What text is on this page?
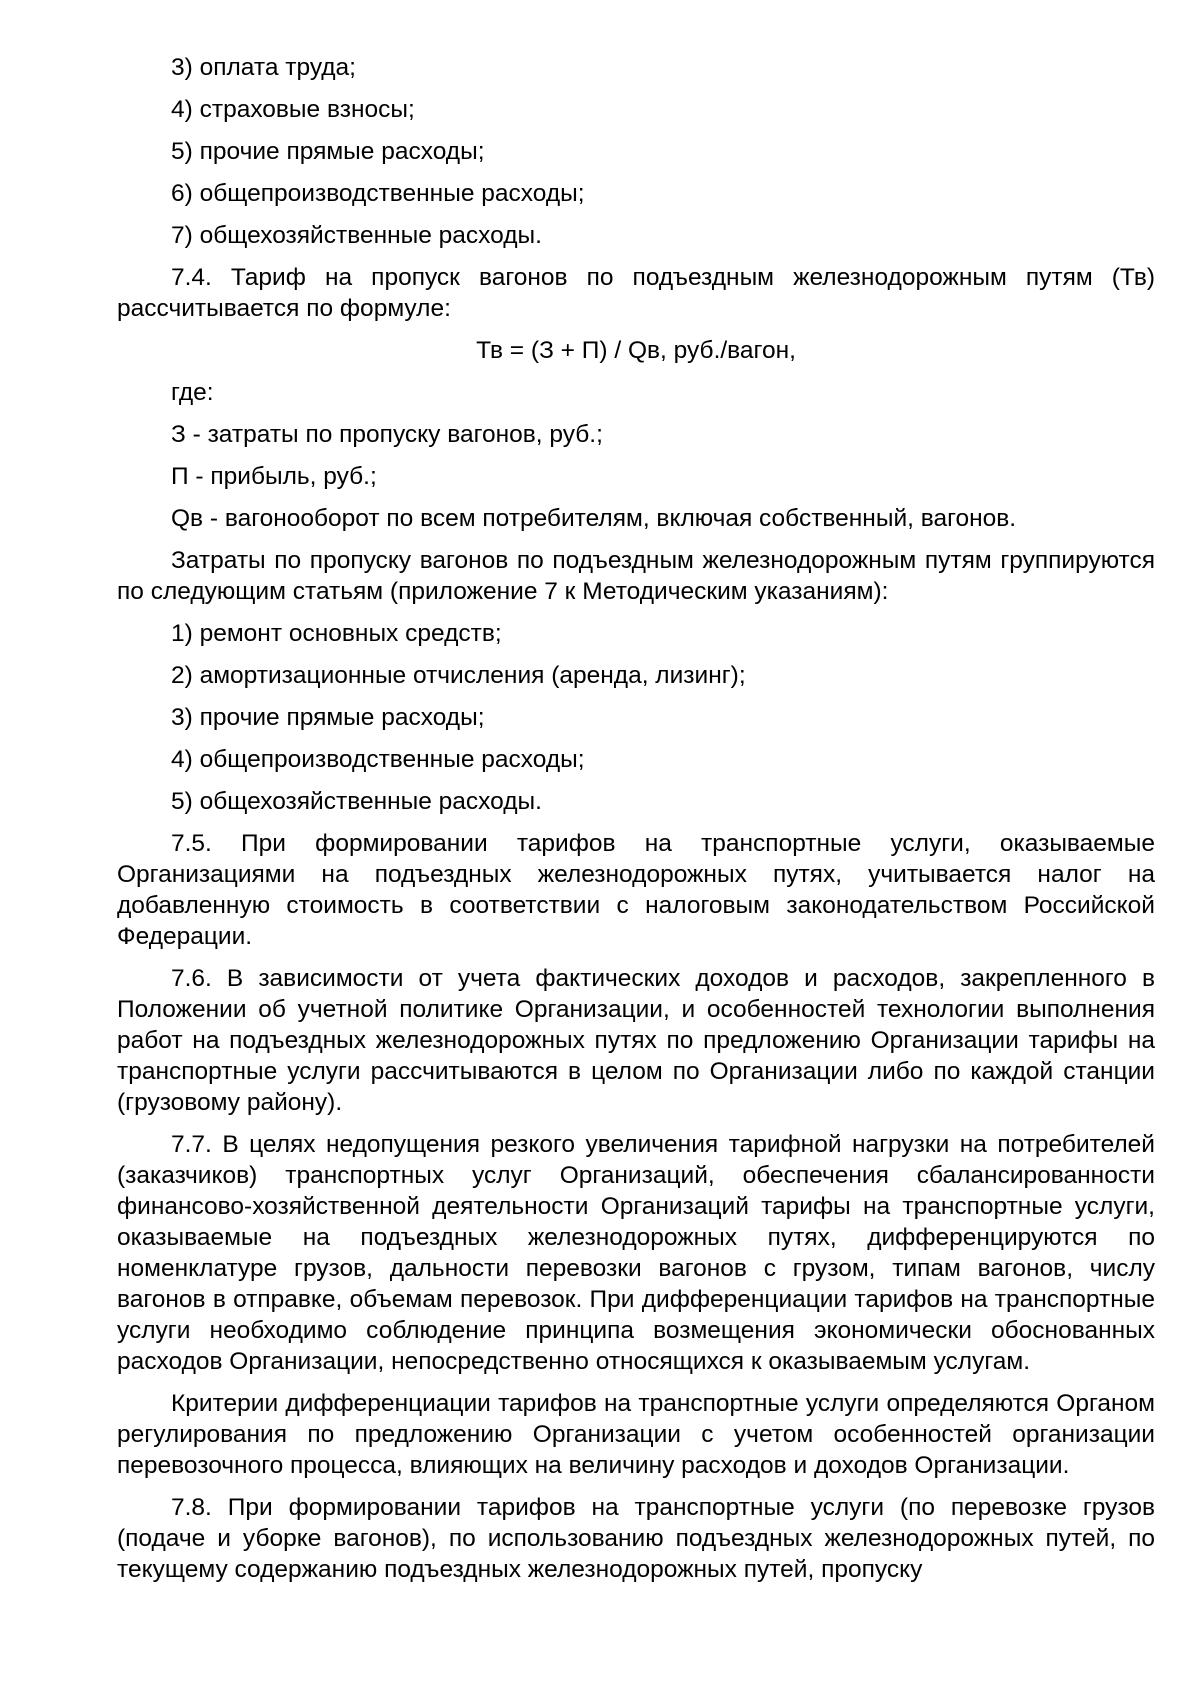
3) оплата труда;

4) страховые взносы;

5) прочие прямые расходы;

6) общепроизводственные расходы;

7) общехозяйственные расходы.

7.4. Тариф на пропуск вагонов по подъездным железнодорожным путям (Тв) рассчитывается по формуле:

Тв = (З + П) / Qв, руб./вагон,

где:

З - затраты по пропуску вагонов, руб.;

П - прибыль, руб.;

Qв - вагонооборот по всем потребителям, включая собственный, вагонов.

Затраты по пропуску вагонов по подъездным железнодорожным путям группируются по следующим статьям (приложение 7 к Методическим указаниям):

1) ремонт основных средств;

2) амортизационные отчисления (аренда, лизинг);

3) прочие прямые расходы;

4) общепроизводственные расходы;

5) общехозяйственные расходы.

7.5. При формировании тарифов на транспортные услуги, оказываемые Организациями на подъездных железнодорожных путях, учитывается налог на добавленную стоимость в соответствии с налоговым законодательством Российской Федерации.

7.6. В зависимости от учета фактических доходов и расходов, закрепленного в Положении об учетной политике Организации, и особенностей технологии выполнения работ на подъездных железнодорожных путях по предложению Организации тарифы на транспортные услуги рассчитываются в целом по Организации либо по каждой станции (грузовому району).

7.7. В целях недопущения резкого увеличения тарифной нагрузки на потребителей (заказчиков) транспортных услуг Организаций, обеспечения сбалансированности финансово-хозяйственной деятельности Организаций тарифы на транспортные услуги, оказываемые на подъездных железнодорожных путях, дифференцируются по номенклатуре грузов, дальности перевозки вагонов с грузом, типам вагонов, числу вагонов в отправке, объемам перевозок. При дифференциации тарифов на транспортные услуги необходимо соблюдение принципа возмещения экономически обоснованных расходов Организации, непосредственно относящихся к оказываемым услугам.

Критерии дифференциации тарифов на транспортные услуги определяются Органом регулирования по предложению Организации с учетом особенностей организации перевозочного процесса, влияющих на величину расходов и доходов Организации.

7.8. При формировании тарифов на транспортные услуги (по перевозке грузов (подаче и уборке вагонов), по использованию подъездных железнодорожных путей, по текущему содержанию подъездных железнодорожных путей, пропуску
